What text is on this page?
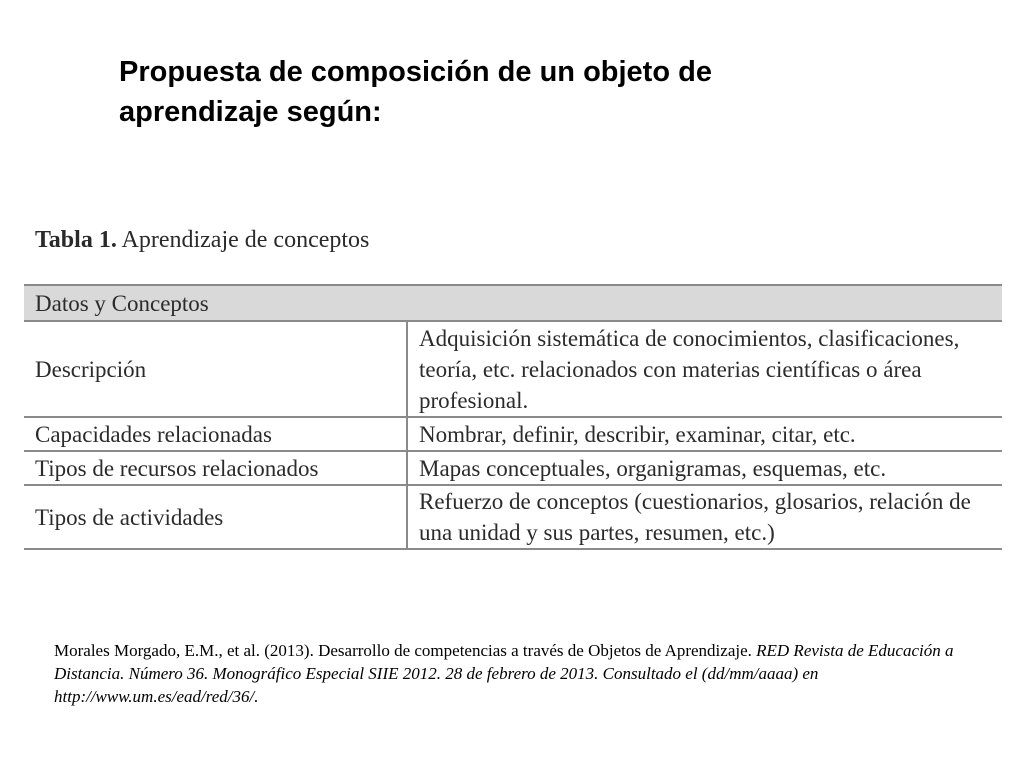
Propuesta de composición de un objeto de aprendizaje según:

Tabla 1. Aprendizaje de conceptos

Datos y Conceptos	
Descripción	Adquisición sistemática de conocimientos, clasificaciones, teoría, etc. relacionados con materias científicas o área profesional.
Capacidades relacionadas	Nombrar, definir, describir, examinar, citar, etc.
Tipos de recursos relacionados	Mapas conceptuales, organigramas, esquemas, etc.
Tipos de actividades	Refuerzo de conceptos (cuestionarios, glosarios, relación de una unidad y sus partes, resumen, etc.)

Morales Morgado, E.M., et al. (2013). Desarrollo de competencias a través de Objetos de Aprendizaje. RED Revista de Educación a Distancia. Número 36. Monográfico Especial SIIE 2012. 28 de febrero de 2013. Consultado el (dd/mm/aaaa) en http://www.um.es/ead/red/36/.
